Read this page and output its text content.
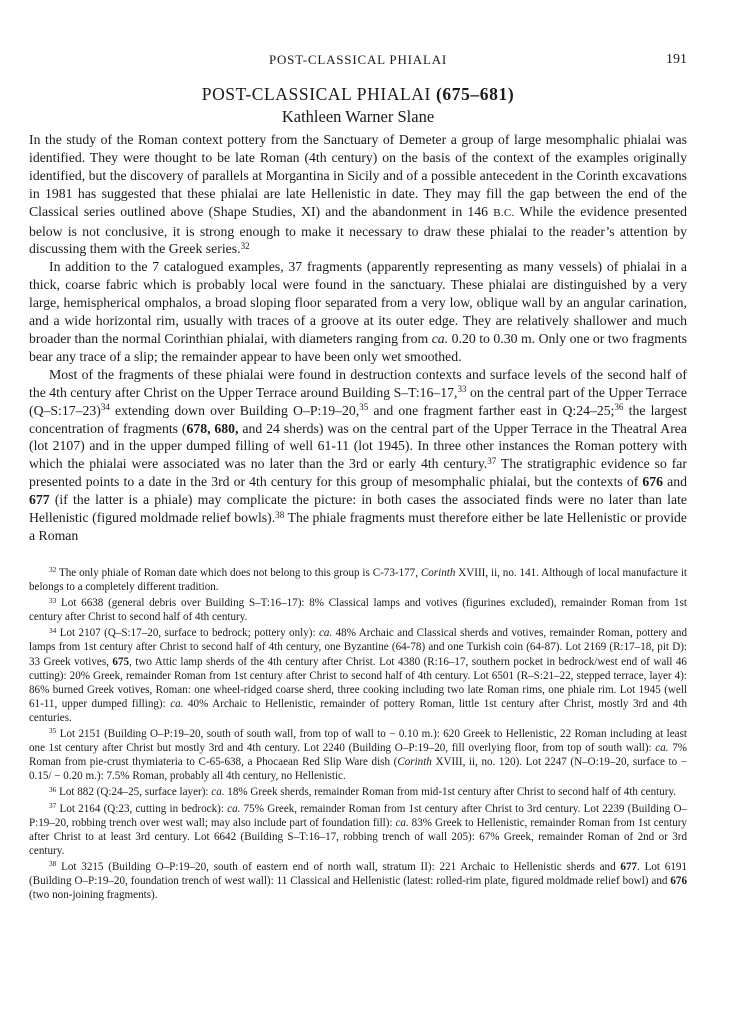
POST-CLASSICAL PHIALAI	191
POST-CLASSICAL PHIALAI (675–681)
Kathleen Warner Slane

In the study of the Roman context pottery from the Sanctuary of Demeter a group of large mesomphalic phialai was identified. They were thought to be late Roman (4th century) on the basis of the context of the examples originally identified, but the discovery of parallels at Morgantina in Sicily and of a possible antecedent in the Corinth excavations in 1981 has suggested that these phialai are late Hellenistic in date. They may fill the gap between the end of the Classical series outlined above (Shape Studies, XI) and the abandonment in 146 B.C. While the evidence presented below is not conclusive, it is strong enough to make it necessary to draw these phialai to the reader’s attention by discussing them with the Greek series.$^{32}$

In addition to the 7 catalogued examples, 37 fragments (apparently representing as many vessels) of phialai in a thick, coarse fabric which is probably local were found in the sanctuary. These phialai are distinguished by a very large, hemispherical omphalos, a broad sloping floor separated from a very low, oblique wall by an angular carination, and a wide horizontal rim, usually with traces of a groove at its outer edge. They are relatively shallower and much broader than the normal Corinthian phialai, with diameters ranging from ca. 0.20 to 0.30 m. Only one or two fragments bear any trace of a slip; the remainder appear to have been only wet smoothed.

Most of the fragments of these phialai were found in destruction contexts and surface levels of the second half of the 4th century after Christ on the Upper Terrace around Building S–T:16–17,33 on the central part of the Upper Terrace (Q–S:17–23)$^{34}$ extending down over Building O–P:19–20,35 and one fragment farther east in Q:24–25;$^{36}$ the largest concentration of fragments (678, 680, and 24 sherds) was on the central part of the Upper Terrace in the Theatral Area (lot 2107) and in the upper dumped filling of well 61-11 (lot 1945). In three other instances the Roman pottery with which the phialai were associated was no later than the 3rd or early 4th century.$^{37}$ The stratigraphic evidence so far presented points to a date in the 3rd or 4th century for this group of mesomphalic phialai, but the contexts of 676 and 677 (if the latter is a phiale) may complicate the picture: in both cases the associated finds were no later than late Hellenistic (figured moldmade relief bowls).$^{38}$ The phiale fragments must therefore either be late Hellenistic or provide a Roman

$^{32}$ The only phiale of Roman date which does not belong to this group is C-73-177, Corinth XVIII, ii, no. 141. Although of local manufacture it belongs to a completely different tradition.

$^{33}$ Lot 6638 (general debris over Building S–T:16–17): 8% Classical lamps and votives (figurines excluded), remainder Roman from 1st century after Christ to second half of 4th century.

$^{34}$ Lot 2107 (Q–S:17–20, surface to bedrock; pottery only): ca. 48% Archaic and Classical sherds and votives, remainder Roman, pottery and lamps from 1st century after Christ to second half of 4th century, one Byzantine (64-78) and one Turkish coin (64-87). Lot 2169 (R:17–18, pit D): 33 Greek votives, 675, two Attic lamp sherds of the 4th century after Christ. Lot 4380 (R:16–17, southern pocket in bedrock/west end of wall 46 cutting): 20% Greek, remainder Roman from 1st century after Christ to second half of 4th century. Lot 6501 (R–S:21–22, stepped terrace, layer 4): 86% burned Greek votives, Roman: one wheel-ridged coarse sherd, three cooking including two late Roman rims, one phiale rim. Lot 1945 (well 61-11, upper dumped filling): ca. 40% Archaic to Hellenistic, remainder of pottery Roman, little 1st century after Christ, mostly 3rd and 4th centuries.

$^{35}$ Lot 2151 (Building O–P:19–20, south of south wall, from top of wall to − 0.10 m.): 620 Greek to Hellenistic, 22 Roman including at least one 1st century after Christ but mostly 3rd and 4th century. Lot 2240 (Building O–P:19–20, fill overlying floor, from top of south wall): ca. 7% Roman from pie-crust thymiateria to C-65-638, a Phocaean Red Slip Ware dish (Corinth XVIII, ii, no. 120). Lot 2247 (N–O:19–20, surface to − 0.15/ − 0.20 m.): 7.5% Roman, probably all 4th century, no Hellenistic.

$^{36}$ Lot 882 (Q:24–25, surface layer): ca. 18% Greek sherds, remainder Roman from mid-1st century after Christ to second half of 4th century.

$^{37}$ Lot 2164 (Q:23, cutting in bedrock): ca. 75% Greek, remainder Roman from 1st century after Christ to 3rd century. Lot 2239 (Building O–P:19–20, robbing trench over west wall; may also include part of foundation fill): ca. 83% Greek to Hellenistic, remainder Roman from 1st century after Christ to at least 3rd century. Lot 6642 (Building S–T:16–17, robbing trench of wall 205): 67% Greek, remainder Roman of 2nd or 3rd century.

$^{38}$ Lot 3215 (Building O–P:19–20, south of eastern end of north wall, stratum II): 221 Archaic to Hellenistic sherds and 677. Lot 6191 (Building O–P:19–20, foundation trench of west wall): 11 Classical and Hellenistic (latest: rolled-rim plate, figured moldmade relief bowl) and 676 (two non-joining fragments).
